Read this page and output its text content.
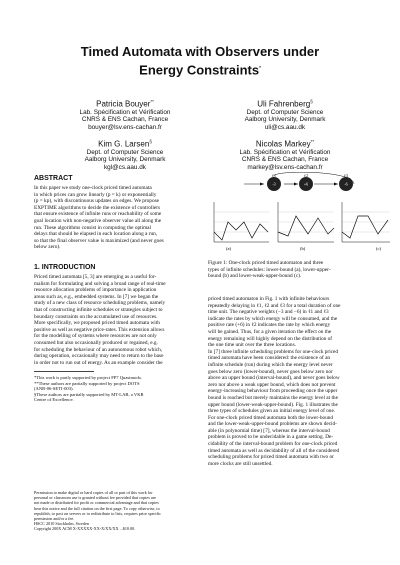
Timed Automata with Observers under
Energy Constraints*
Patricia Bouyer**
Lab. Spécification et Vérification
CNRS & ENS Cachan, France
bouyer@lsv.ens-cachan.fr
Uli Fahrenberg§
Dept. of Computer Science
Aalborg University, Denmark
uli@cs.aau.dk
Kim G. Larsen§
Dept. of Computer Science
Aalborg University, Denmark
kgl@cs.aau.dk
Nicolas Markey**
Lab. Spécification et Vérification
CNRS & ENS Cachan, France
markey@lsv.ens-cachan.fr
ABSTRACT
In this paper we study one-clock priced timed automata
in which prices can grow linearly (p = k) or exponentially
(p = kp), with discontinuous updates on edges. We propose
EXPTIME algorithms to decide the existence of controllers
that ensure existence of infinite runs or reachability of some
goal location with non-negative observer value all along the
run. These algorithms consist in computing the optimal
delays that should be elapsed in each location along a run,
so that the final observer value is maximized (and never goes
below zero).
1. INTRODUCTION
Priced timed automata [5, 3] are emerging as a useful for-
malism for formulating and solving a broad range of real-time
resource allocation problems of importance in application
areas such as, e.g., embedded systems. In [7] we began the
study of a new class of resource scheduling problems, namely
that of constructing infinite schedules or strategies subject to
boundary constraints on the accumulated use of resources.
More specifically, we proposed priced timed automata with
positive as well as negative price-rates. This extension allows
for the modelling of systems where resources are not only
consumed but also occasionally produced or regained, e.g.
for scheduling the behaviour of an autonomous robot which,
during operation, occasionally may need to return to the base
in order not to run out of energy. As an example consider the
*This work is partly supported by project FP7 Quasimodo.
**These authors are partially supported by project DOTS
(ANR-06-SETI-003).
§These authors are partially supported by MT-LAB, a VKR
Centre of Excellence.
Permission to make digital or hard copies of all or part of this work for
personal or classroom use is granted without fee provided that copies are
not made or distributed for profit or commercial advantage and that copies
bear this notice and the full citation on the first page. To copy otherwise, to
republish, to post on servers or to redistribute to lists, requires prior specific
permission and/or a fee.
HSCC 2010 Stockholm, Sweden
Copyright 200X ACM X-XXXXX-XX-X/XX/XX ...$10.00.
ℓ1	ℓ2	ℓ3
-3	+6	-6
(a)	(b)	(c)
Figure 1: One-clock priced timed automaton and three
types of infinite schedules: lower-bound (a), lower-upper-
bound (b) and lower-weak-upper-bound (c).
priced timed automaton in Fig. 1 with infinite behaviours
repeatedly delaying in ℓ1, ℓ2 and ℓ3 for a total duration of one
time unit. The negative weights (−3 and −6) in ℓ1 and ℓ3
indicate the rates by which energy will be consumed, and the
positive rate (+6) in ℓ2 indicates the rate by which energy
will be gained. Thus, for a given iteration the effect on the
energy remaining will highly depend on the distribution of
the one time unit over the three locations.
In [7] three infinite scheduling problems for one-clock priced
timed automata have been considered: the existence of an
infinite schedule (run) during which the energy level never
goes below zero (lower-bound), never goes below zero nor
above an upper bound (interval-bound), and never goes below
zero nor above a weak upper bound, which does not prevent
energy-increasing behaviour from proceeding once the upper
bound is reached but merely maintains the energy level at the
upper bound (lower-weak-upper-bound). Fig. 1 illustrates the
three types of schedules given an initial energy level of one.
For one-clock priced timed automata both the lower-bound
and the lower-weak-upper-bound problems are shown decid-
able (in polynomial time) [7], whereas the interval-bound
problem is proved to be undecidable in a game setting. De-
cidability of the interval-bound problem for one-clock priced
timed automata as well as decidability of all of the considered
scheduling problems for priced timed automata with two or
more clocks are still unsettled.
